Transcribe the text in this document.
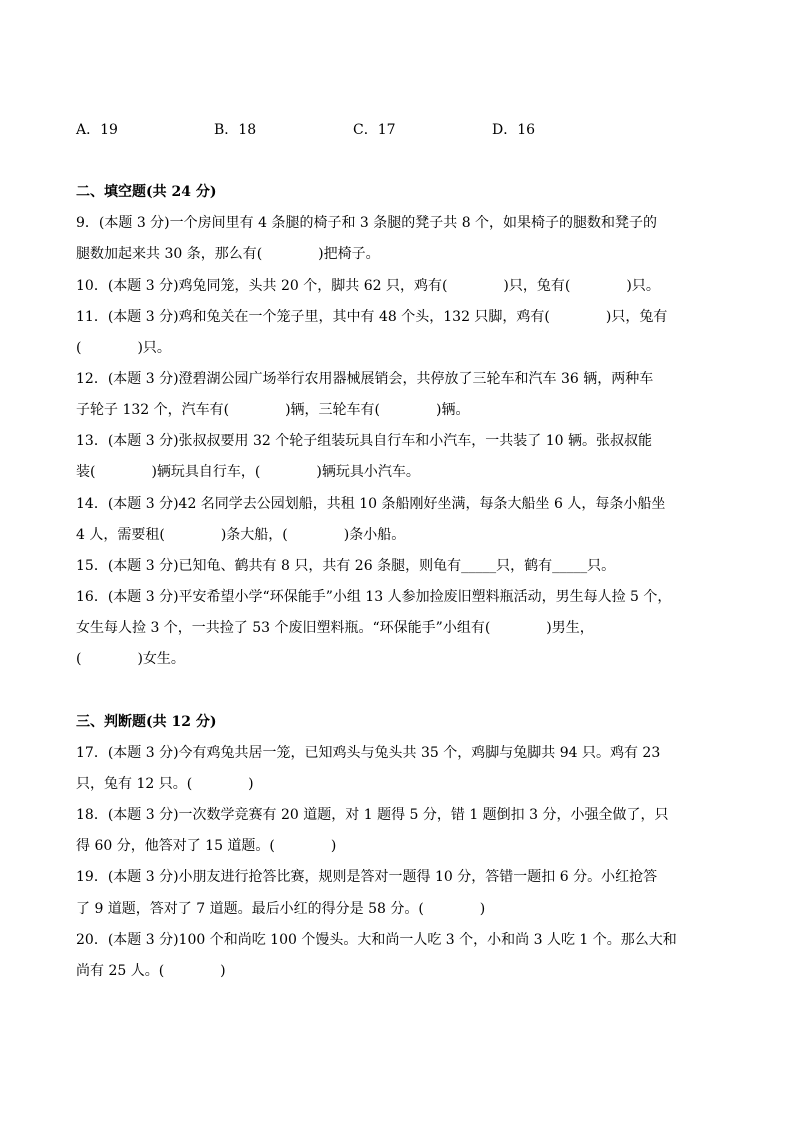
A．19	B．18	C．17	D．16
二、填空题(共 24 分)
9．(本题 3 分)一个房间里有 4 条腿的椅子和 3 条腿的凳子共 8 个，如果椅子的腿数和凳子的
腿数加起来共 30 条，那么有(　　　　)把椅子。
10．(本题 3 分)鸡兔同笼，头共 20 个，脚共 62 只，鸡有(　　　　)只，兔有(　　　　)只。
11．(本题 3 分)鸡和兔关在一个笼子里，其中有 48 个头，132 只脚，鸡有(　　　　)只，兔有
(　　　　)只。
12．(本题 3 分)澄碧湖公园广场举行农用器械展销会，共停放了三轮车和汽车 36 辆，两种车
子轮子 132 个，汽车有(　　　　)辆，三轮车有(　　　　)辆。
13．(本题 3 分)张叔叔要用 32 个轮子组装玩具自行车和小汽车，一共装了 10 辆。张叔叔能
装(　　　　)辆玩具自行车，(　　　　)辆玩具小汽车。
14．(本题 3 分)42 名同学去公园划船，共租 10 条船刚好坐满，每条大船坐 6 人，每条小船坐
4 人，需要租(　　　　)条大船，(　　　　)条小船。
15．(本题 3 分)已知龟、鹤共有 8 只，共有 26 条腿，则龟有_____只，鹤有_____只。
16．(本题 3 分)平安希望小学“环保能手”小组 13 人参加捡废旧塑料瓶活动，男生每人捡 5 个，
女生每人捡 3 个，一共捡了 53 个废旧塑料瓶。“环保能手”小组有(　　　　)男生，
(　　　　)女生。
三、判断题(共 12 分)
17．(本题 3 分)今有鸡兔共居一笼，已知鸡头与兔头共 35 个，鸡脚与兔脚共 94 只。鸡有 23
只，兔有 12 只。(　　　　)
18．(本题 3 分)一次数学竞赛有 20 道题，对 1 题得 5 分，错 1 题倒扣 3 分，小强全做了，只
得 60 分，他答对了 15 道题。(　　　　)
19．(本题 3 分)小朋友进行抢答比赛，规则是答对一题得 10 分，答错一题扣 6 分。小红抢答
了 9 道题，答对了 7 道题。最后小红的得分是 58 分。(　　　　)
20．(本题 3 分)100 个和尚吃 100 个馒头。大和尚一人吃 3 个，小和尚 3 人吃 1 个。那么大和
尚有 25 人。(　　　　)
